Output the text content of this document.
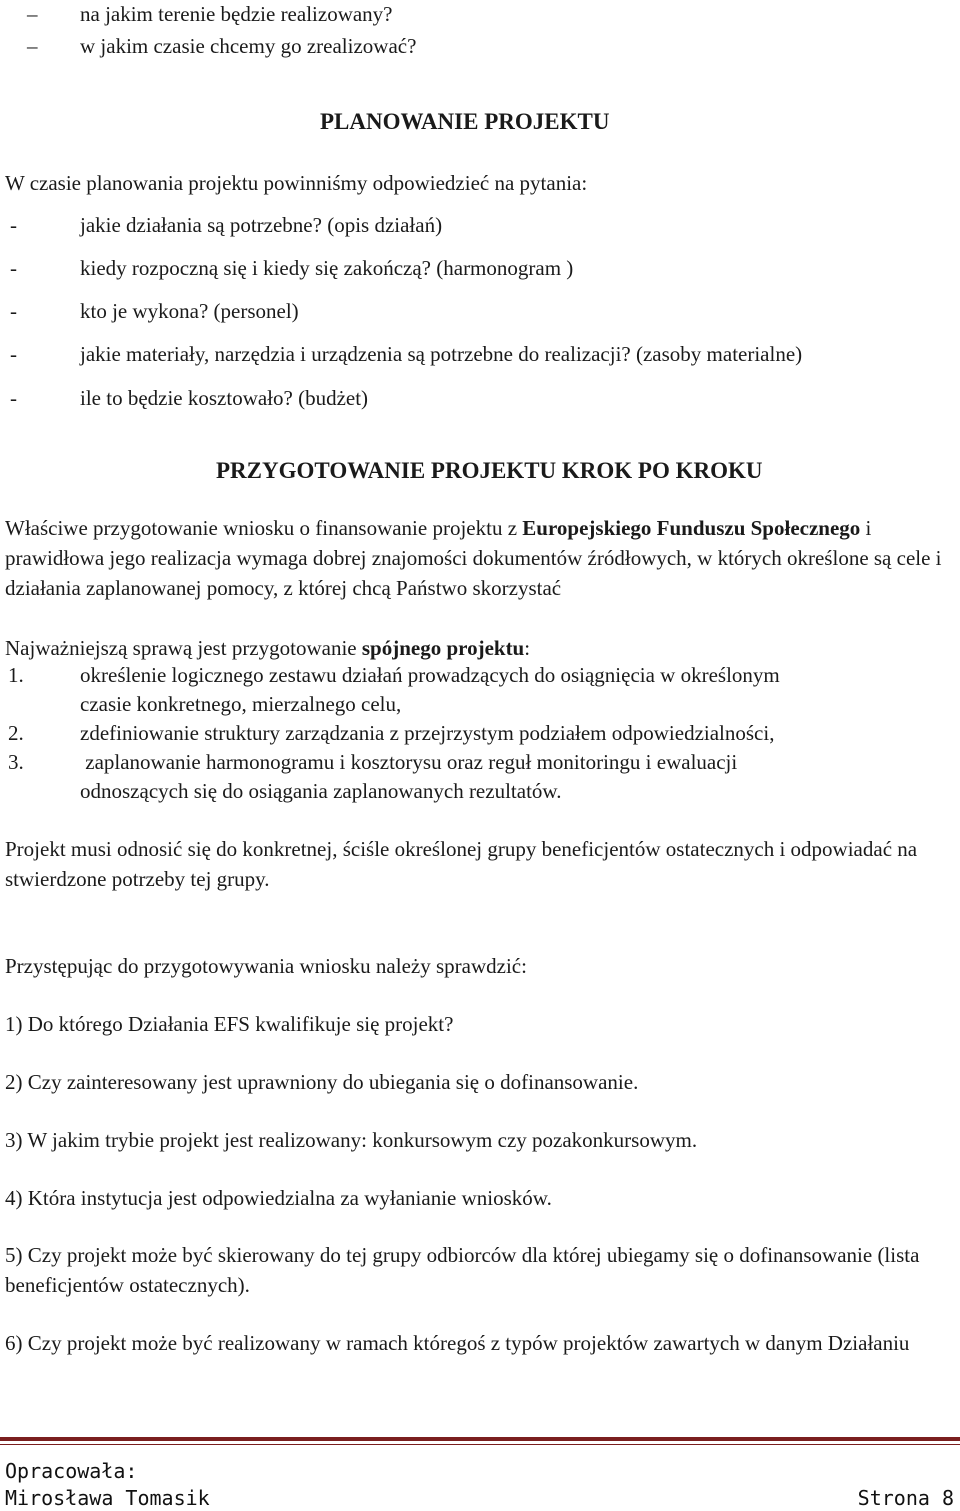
– na jakim terenie będzie realizowany?
– w jakim czasie chcemy go zrealizować?
PLANOWANIE PROJEKTU
W czasie planowania projektu powinniśmy odpowiedzieć na pytania:
-	jakie działania są potrzebne? (opis działań)
-	kiedy rozpoczną się i kiedy się zakończą? (harmonogram )
-	kto je wykona? (personel)
-	jakie materiały, narzędzia i urządzenia są potrzebne do realizacji? (zasoby materialne)
-	ile to będzie kosztowało? (budżet)
PRZYGOTOWANIE PROJEKTU KROK PO KROKU
Właściwe przygotowanie wniosku o finansowanie projektu z Europejskiego Funduszu Społecznego i prawidłowa jego realizacja wymaga dobrej znajomości dokumentów źródłowych, w których określone są cele i działania zaplanowanej pomocy, z której chcą Państwo skorzystać
Najważniejszą sprawą jest przygotowanie spójnego projektu:
1.	określenie logicznego zestawu działań prowadzących do osiągnięcia w określonym
czasie konkretnego, mierzalnego celu,
2.	zdefiniowanie struktury zarządzania z przejrzystym podziałem odpowiedzialności,
3.	zaplanowanie harmonogramu i kosztorysu oraz reguł monitoringu i ewaluacji
odnoszących się do osiągania zaplanowanych rezultatów.
Projekt musi odnosić się do konkretnej, ściśle określonej grupy beneficjentów ostatecznych i odpowiadać na stwierdzone potrzeby tej grupy.
Przystępując do przygotowywania wniosku należy sprawdzić:
1) Do którego Działania EFS kwalifikuje się projekt?
2) Czy zainteresowany jest uprawniony do ubiegania się o dofinansowanie.
3) W jakim trybie projekt jest realizowany: konkursowym czy pozakonkursowym.
4) Która instytucja jest odpowiedzialna za wyłanianie wniosków.
5) Czy projekt może być skierowany do tej grupy odbiorców dla której ubiegamy się o dofinansowanie (lista beneficjentów ostatecznych).
6) Czy projekt może być realizowany w ramach któregoś z typów projektów zawartych w danym Działaniu
Opracowała:
Mirosława Tomasik	Strona 8
